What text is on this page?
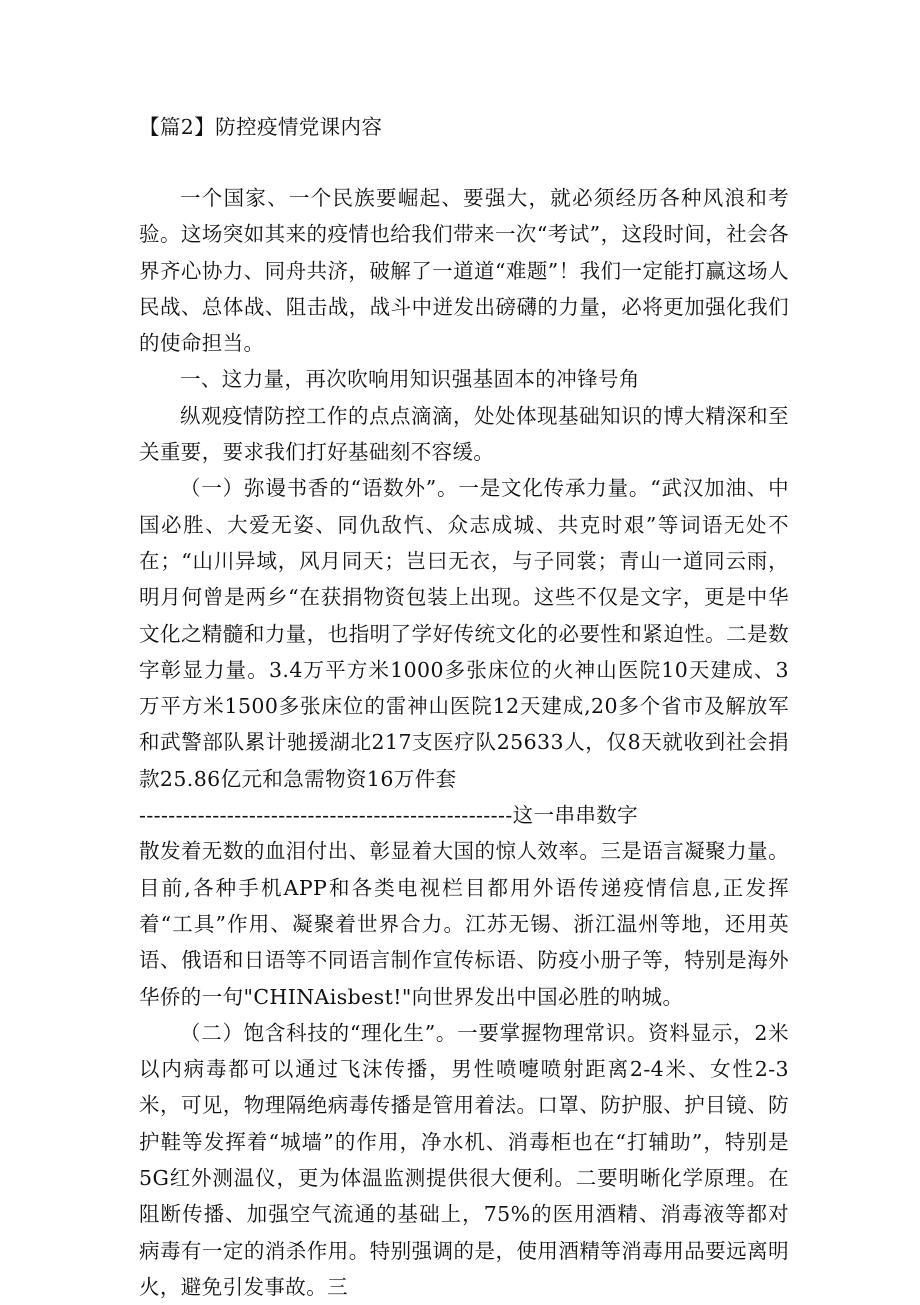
【篇2】防控疫情党课内容

一个国家、一个民族要崛起、要强大，就必须经历各种风浪和考验。这场突如其来的疫情也给我们带来一次“考试”，这段时间，社会各界齐心协力、同舟共济，破解了一道道“难题”！我们一定能打赢这场人民战、总体战、阻击战，战斗中迸发出磅礴的力量，必将更加强化我们的使命担当。

一、这力量，再次吹响用知识强基固本的冲锋号角

纵观疫情防控工作的点点滴滴，处处体现基础知识的博大精深和至关重要，要求我们打好基础刻不容缓。

（一）弥谩书香的“语数外”。一是文化传承力量。“武汉加油、中国必胜、大爱无姿、同仇敌忾、众志成城、共克时艰”等词语无处不在；“山川异域，风月同天；岂曰无衣，与子同裳；青山一道同云雨，明月何曾是两乡“在获捐物资包装上出现。这些不仅是文字，更是中华文化之精髓和力量，也指明了学好传统文化的必要性和紧迫性。二是数字彰显力量。3.4万平方米1000多张床位的火神山医院10天建成、3万平方米1500多张床位的雷神山医院12天建成,20多个省市及解放军和武警部队累计驰援湖北217支医疗队25633人，仅8天就收到社会捐款25.86亿元和急需物资16万件套

---------------------------------------------------这一串串数字

散发着无数的血泪付出、彰显着大国的惊人效率。三是语言凝聚力量。目前,各种手机APP和各类电视栏目都用外语传递疫情信息,正发挥着“工具”作用、凝聚着世界合力。江苏无锡、浙江温州等地，还用英语、俄语和日语等不同语言制作宣传标语、防疫小册子等，特别是海外华侨的一句"CHINAisbest!"向世界发出中国必胜的呐城。

（二）饱含科技的“理化生”。一要掌握物理常识。资料显示，2米以内病毒都可以通过飞沫传播，男性喷嚏喷射距离2-4米、女性2-3米，可见，物理隔绝病毒传播是管用着法。口罩、防护服、护目镜、防护鞋等发挥着“城墙”的作用，净水机、消毒柜也在“打辅助”，特别是5G红外测温仪，更为体温监测提供很大便利。二要明晰化学原理。在阻断传播、加强空气流通的基础上，75%的医用酒精、消毒液等都对病毒有一定的消杀作用。特别强调的是，使用酒精等消毒用品要远离明火，避免引发事故。三
